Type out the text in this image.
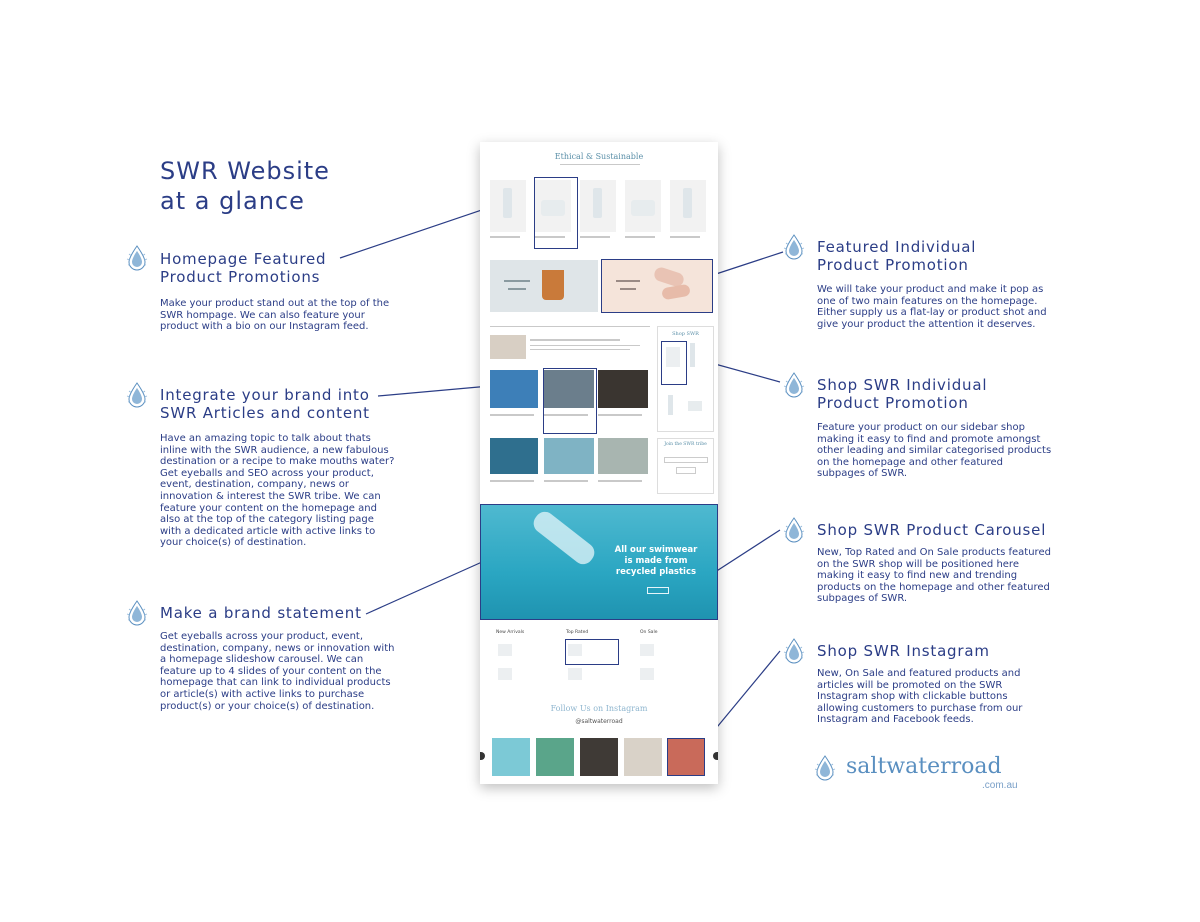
SWR Website
at a glance
Homepage Featured
Product Promotions
Make your product stand out at the top of the
SWR hompage. We can also feature your
product with a bio on our Instagram feed.
Integrate your brand into
SWR Articles and content
Have an amazing topic to talk about thats
inline with the SWR audience, a new fabulous
destination or a recipe to make mouths water?
Get eyeballs and SEO across your product,
event, destination, company, news or
innovation & interest the SWR tribe. We can
feature your content on the homepage and
also at the top of the category listing page
with a dedicated article with active links to
your choice(s) of destination.
Make a brand statement
Get eyeballs across your product, event,
destination, company, news or innovation with
a homepage slideshow carousel. We can
feature up to 4 slides of your content on the
homepage that can link to individual products
or article(s) with active links to purchase
product(s) or your choice(s) of destination.
Featured Individual
Product Promotion
We will take your product and make it pop as
one of two main features on the homepage.
Either supply us a flat-lay or product shot and
give your product the attention it deserves.
Shop SWR Individual
Product Promotion
Feature your product on our sidebar shop
making it easy to find and promote amongst
other leading and similar categorised products
on the homepage and other featured
subpages of SWR.
Shop SWR Product Carousel
New, Top Rated and On Sale products featured
on the SWR shop will be positioned here
making it easy to find new and trending
products on the homepage and other featured
subpages of SWR.
Shop SWR Instagram
New, On Sale and featured products and
articles will be promoted on the SWR
Instagram shop with clickable buttons
allowing customers to purchase from our
Instagram and Facebook feeds.
Ethical & Sustainable
Shop SWR
Join the SWR tribe
All our swimwear
is made from
recycled plastics
New Arrivals	Top Rated	On Sale
Follow Us on Instagram
@saltwaterroad
saltwaterroad
.com.au
